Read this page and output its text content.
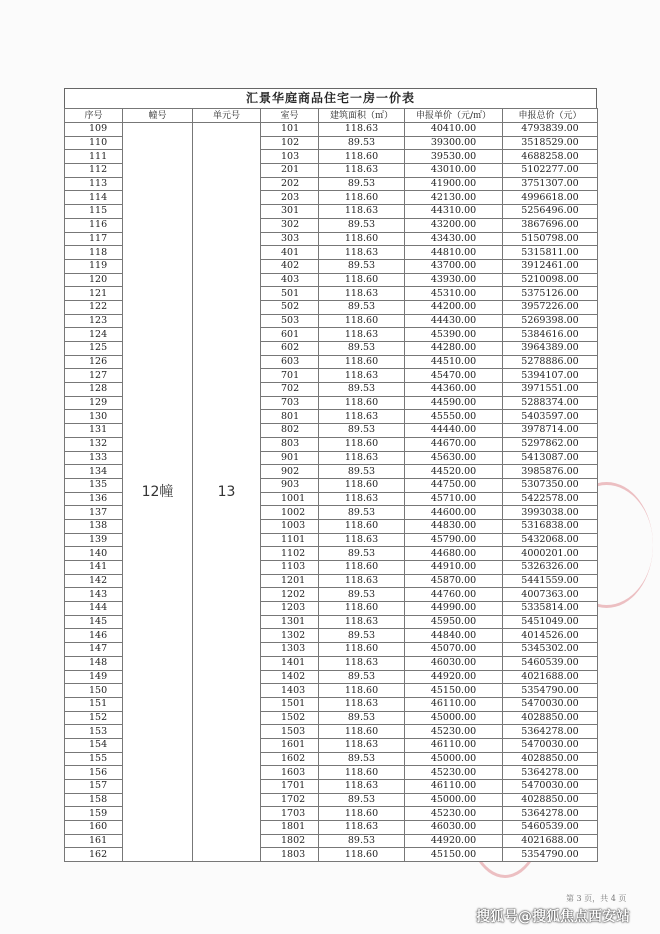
汇景华庭商品住宅一房一价表
序号	幢号	单元号	室号	建筑面积（㎡）	申报单价（元/㎡）	申报总价（元）
109	12幢	13	101	118.63	40410.00	4793839.00
110			102	89.53	39300.00	3518529.00
111			103	118.60	39530.00	4688258.00
112			201	118.63	43010.00	5102277.00
113			202	89.53	41900.00	3751307.00
114			203	118.60	42130.00	4996618.00
115			301	118.63	44310.00	5256496.00
116			302	89.53	43200.00	3867696.00
117			303	118.60	43430.00	5150798.00
118			401	118.63	44810.00	5315811.00
119			402	89.53	43700.00	3912461.00
120			403	118.60	43930.00	5210098.00
121			501	118.63	45310.00	5375126.00
122			502	89.53	44200.00	3957226.00
123			503	118.60	44430.00	5269398.00
124			601	118.63	45390.00	5384616.00
125			602	89.53	44280.00	3964389.00
126			603	118.60	44510.00	5278886.00
127			701	118.63	45470.00	5394107.00
128			702	89.53	44360.00	3971551.00
129			703	118.60	44590.00	5288374.00
130			801	118.63	45550.00	5403597.00
131			802	89.53	44440.00	3978714.00
132			803	118.60	44670.00	5297862.00
133			901	118.63	45630.00	5413087.00
134			902	89.53	44520.00	3985876.00
135			903	118.60	44750.00	5307350.00
136			1001	118.63	45710.00	5422578.00
137			1002	89.53	44600.00	3993038.00
138			1003	118.60	44830.00	5316838.00
139			1101	118.63	45790.00	5432068.00
140			1102	89.53	44680.00	4000201.00
141			1103	118.60	44910.00	5326326.00
142			1201	118.63	45870.00	5441559.00
143			1202	89.53	44760.00	4007363.00
144			1203	118.60	44990.00	5335814.00
145			1301	118.63	45950.00	5451049.00
146			1302	89.53	44840.00	4014526.00
147			1303	118.60	45070.00	5345302.00
148			1401	118.63	46030.00	5460539.00
149			1402	89.53	44920.00	4021688.00
150			1403	118.60	45150.00	5354790.00
151			1501	118.63	46110.00	5470030.00
152			1502	89.53	45000.00	4028850.00
153			1503	118.60	45230.00	5364278.00
154			1601	118.63	46110.00	5470030.00
155			1602	89.53	45000.00	4028850.00
156			1603	118.60	45230.00	5364278.00
157			1701	118.63	46110.00	5470030.00
158			1702	89.53	45000.00	4028850.00
159			1703	118.60	45230.00	5364278.00
160			1801	118.63	46030.00	5460539.00
161			1802	89.53	44920.00	4021688.00
162			1803	118.60	45150.00	5354790.00
第 3 页，共 4 页
搜狐号@搜狐焦点西安站
